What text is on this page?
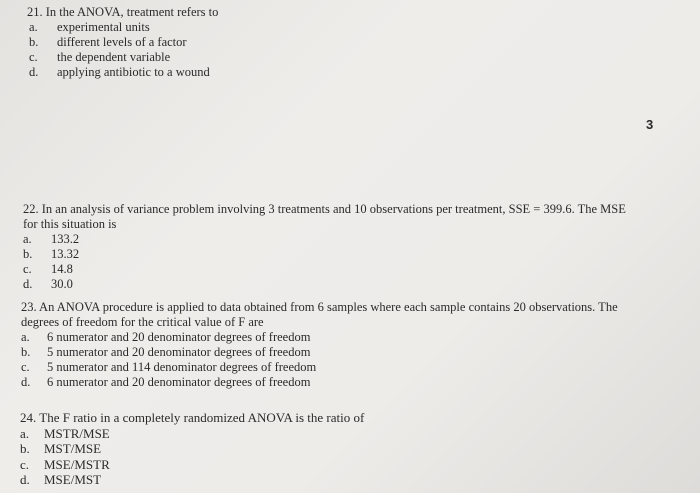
21. In the ANOVA, treatment refers to

a.	experimental units
b.	different levels of a factor
c.	the dependent variable
d.	applying antibiotic to a wound
3

22. In an analysis of variance problem involving 3 treatments and 10 observations per treatment, SSE = 399.6. The MSE

for this situation is

a.	133.2
b.	13.32
c.	14.8
d.	30.0

23. An ANOVA procedure is applied to data obtained from 6 samples where each sample contains 20 observations. The

degrees of freedom for the critical value of F are

a.	6 numerator and 20 denominator degrees of freedom
b.	5 numerator and 20 denominator degrees of freedom
c.	5 numerator and 114 denominator degrees of freedom
d.	6 numerator and 20 denominator degrees of freedom

24. The F ratio in a completely randomized ANOVA is the ratio of

a.	MSTR/MSE
b.	MST/MSE
c.	MSE/MSTR
d.	MSE/MST
